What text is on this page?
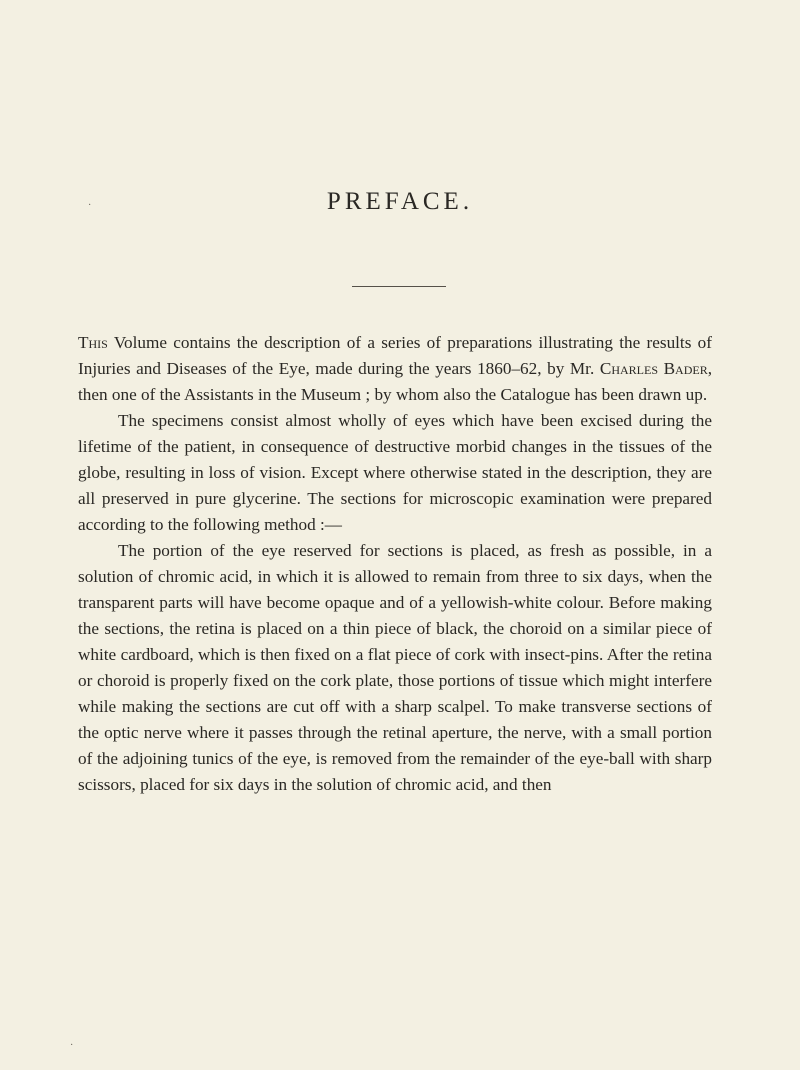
PREFACE.

This Volume contains the description of a series of preparations illustrating the results of Injuries and Diseases of the Eye, made during the years 1860–62, by Mr. Charles Bader, then one of the Assistants in the Museum ; by whom also the Catalogue has been drawn up.

The specimens consist almost wholly of eyes which have been excised during the lifetime of the patient, in consequence of destructive morbid changes in the tissues of the globe, resulting in loss of vision. Except where otherwise stated in the description, they are all preserved in pure glycerine. The sections for microscopic examination were prepared according to the following method :—

The portion of the eye reserved for sections is placed, as fresh as possible, in a solution of chromic acid, in which it is allowed to remain from three to six days, when the transparent parts will have become opaque and of a yellowish-white colour. Before making the sections, the retina is placed on a thin piece of black, the choroid on a similar piece of white cardboard, which is then fixed on a flat piece of cork with insect-pins. After the retina or choroid is properly fixed on the cork plate, those portions of tissue which might interfere while making the sections are cut off with a sharp scalpel. To make transverse sections of the optic nerve where it passes through the retinal aperture, the nerve, with a small portion of the adjoining tunics of the eye, is removed from the remainder of the eye-ball with sharp scissors, placed for six days in the solution of chromic acid, and then

·
·
